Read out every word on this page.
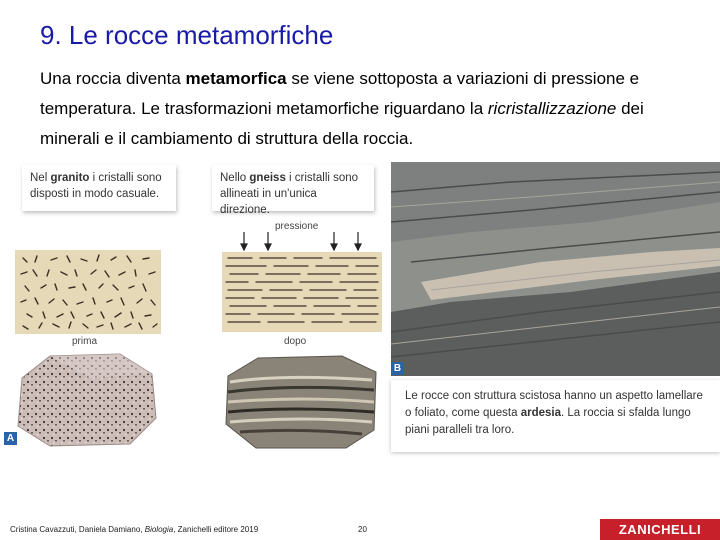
9. Le rocce metamorfiche

Una roccia diventa metamorfica se viene sottoposta a variazioni di pressione e temperatura. Le trasformazioni metamorfiche riguardano la ricristallizzazione dei minerali e il cambiamento di struttura della roccia.

Nel granito i cristalli sono disposti in modo casuale.
Nello gneiss i cristalli sono allineati in un'unica direzione.
pressione
prima	dopo
A
B
Le rocce con struttura scistosa hanno un aspetto lamellare o foliato, come questa ardesia. La roccia si sfalda lungo piani paralleli tra loro.
Cristina Cavazzuti, Daniela Damiano, Biologia, Zanichelli editore 2019	20	ZANICHELLI
